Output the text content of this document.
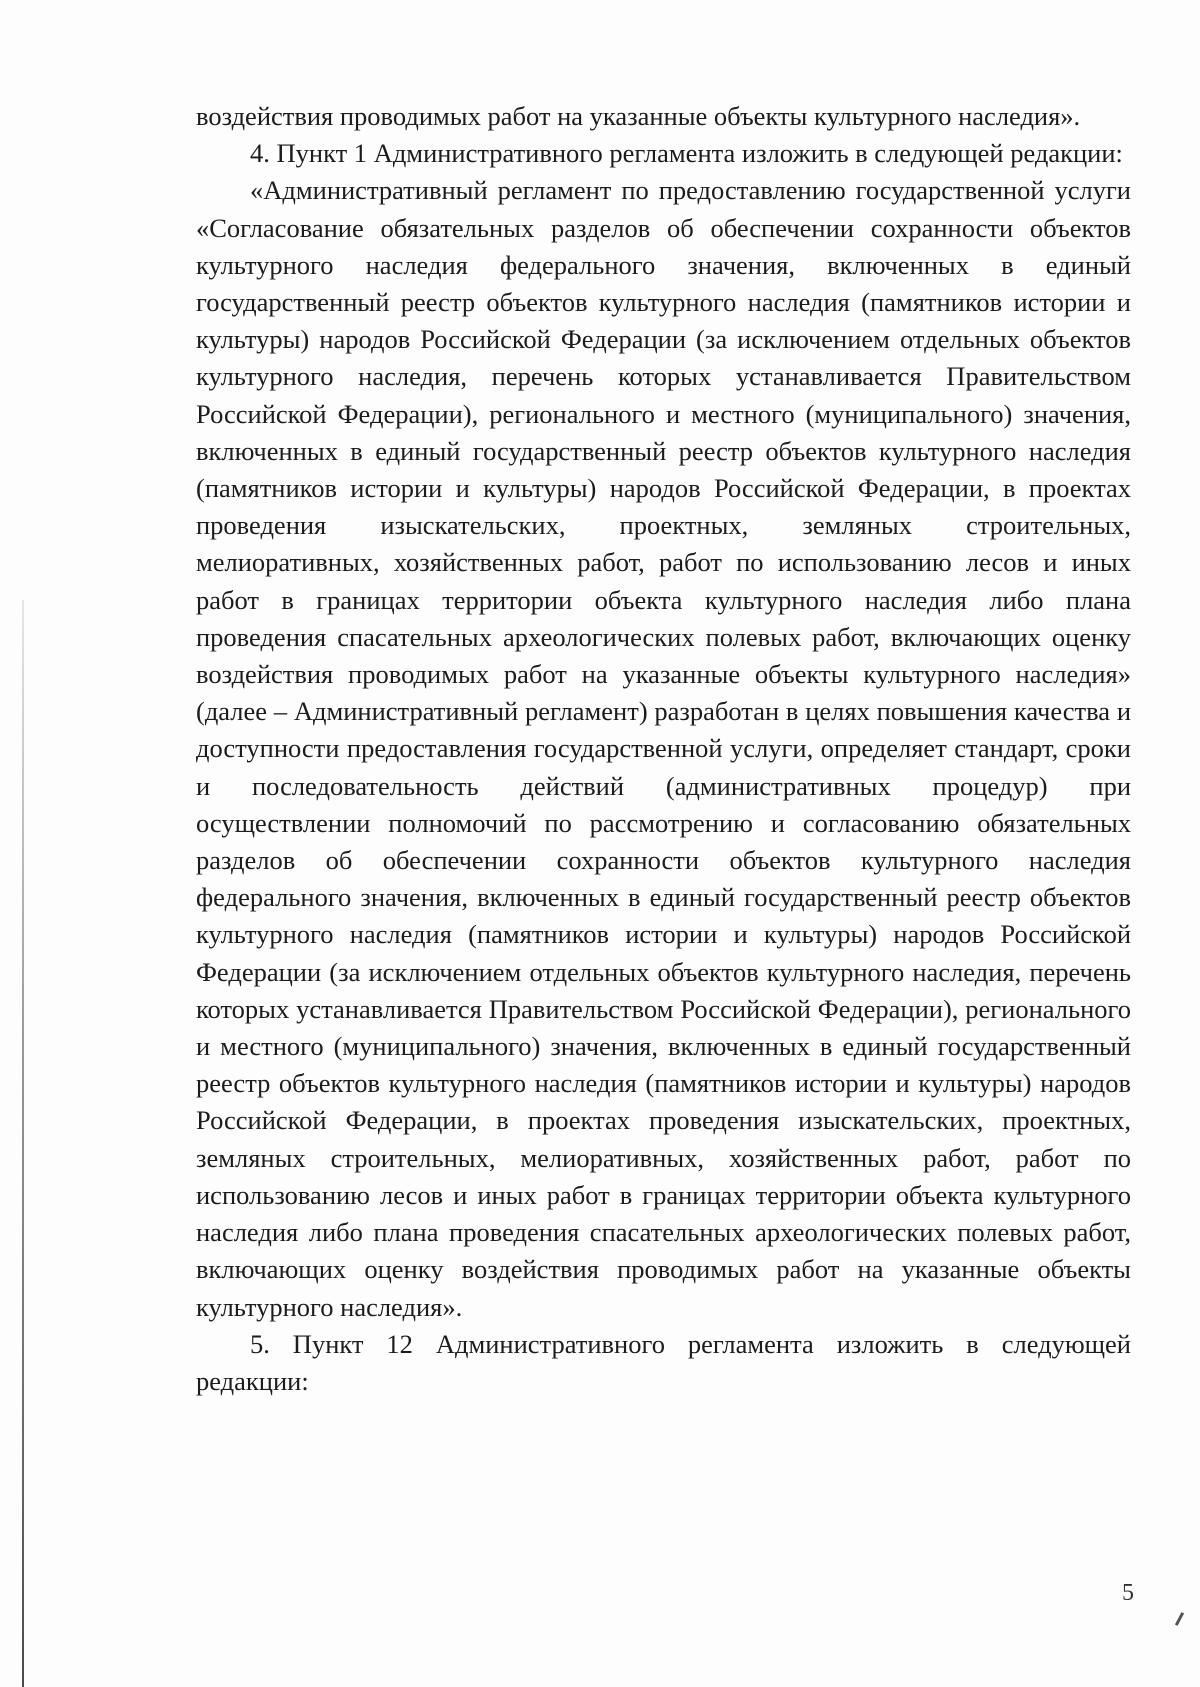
воздействия проводимых работ на указанные объекты культурного наследия».

4. Пункт 1 Административного регламента изложить в следующей редакции:

«Административный регламент по предоставлению государственной услуги «Согласование обязательных разделов об обеспечении сохранности объектов культурного наследия федерального значения, включенных в единый государственный реестр объектов культурного наследия (памятников истории и культуры) народов Российской Федерации (за исключением отдельных объектов культурного наследия, перечень которых устанавливается Правительством Российской Федерации), регионального и местного (муниципального) значения, включенных в единый государственный реестр объектов культурного наследия (памятников истории и культуры) народов Российской Федерации, в проектах проведения изыскательских, проектных, земляных строительных, мелиоративных, хозяйственных работ, работ по использованию лесов и иных работ в границах территории объекта культурного наследия либо плана проведения спасательных археологических полевых работ, включающих оценку воздействия проводимых работ на указанные объекты культурного наследия» (далее – Административный регламент) разработан в целях повышения качества и доступности предоставления государственной услуги, определяет стандарт, сроки и последовательность действий (административных процедур) при осуществлении полномочий по рассмотрению и согласованию обязательных разделов об обеспечении сохранности объектов культурного наследия федерального значения, включенных в единый государственный реестр объектов культурного наследия (памятников истории и культуры) народов Российской Федерации (за исключением отдельных объектов культурного наследия, перечень которых устанавливается Правительством Российской Федерации), регионального и местного (муниципального) значения, включенных в единый государственный реестр объектов культурного наследия (памятников истории и культуры) народов Российской Федерации, в проектах проведения изыскательских, проектных, земляных строительных, мелиоративных, хозяйственных работ, работ по использованию лесов и иных работ в границах территории объекта культурного наследия либо плана проведения спасательных археологических полевых работ, включающих оценку воздействия проводимых работ на указанные объекты культурного наследия».

5. Пункт 12 Административного регламента изложить в следующей редакции:

5
